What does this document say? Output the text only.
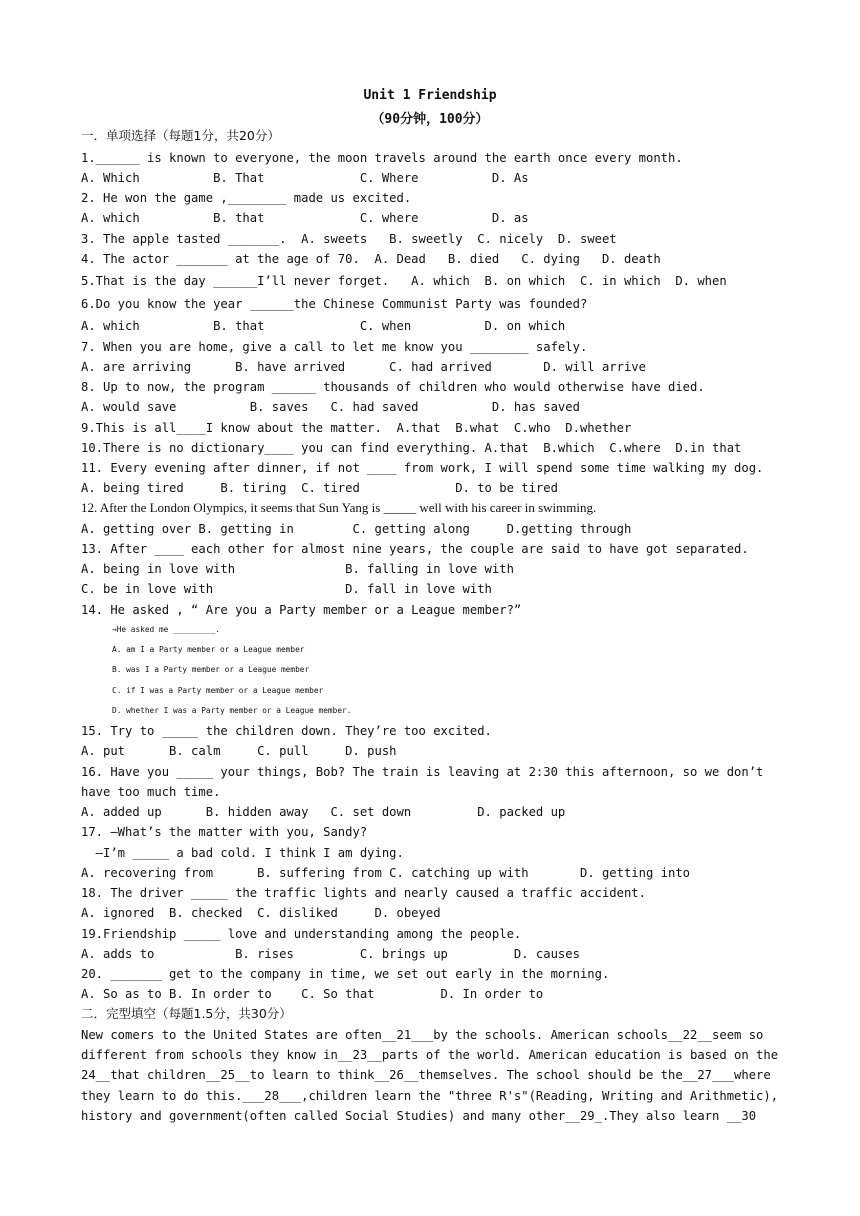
Unit 1 Friendship
（90分钟，100分）
一．单项选择（每题1分，共20分）
1.______ is known to everyone, the moon travels around the earth once every month.
A. Which          B. That             C. Where          D. As
2. He won the game ,________ made us excited.
A. which          B. that             C. where          D. as
3. The apple tasted _______.  A. sweets   B. sweetly  C. nicely  D. sweet
4. The actor _______ at the age of 70.  A. Dead   B. died   C. dying   D. death
5.That is the day ______I’ll never forget.   A. which  B. on which  C. in which  D. when
6.Do you know the year ______the Chinese Communist Party was founded?
A. which          B. that             C. when          D. on which
7. When you are home, give a call to let me know you ________ safely.
A. are arriving      B. have arrived      C. had arrived       D. will arrive
8. Up to now, the program ______ thousands of children who would otherwise have died.
A. would save          B. saves   C. had saved          D. has saved
9.This is all____I know about the matter.  A.that  B.what  C.who  D.whether
10.There is no dictionary____ you can find everything. A.that  B.which  C.where  D.in that
11. Every evening after dinner, if not ____ from work, I will spend some time walking my dog.
A. being tired     B. tiring  C. tired             D. to be tired
12. After the London Olympics, it seems that Sun Yang is _____ well with his career in swimming.
A. getting over B. getting in        C. getting along     D.getting through
13. After ____ each other for almost nine years, the couple are said to have got separated.
A. being in love with               B. falling in love with
C. be in love with                  D. fall in love with
14. He asked , “ Are you a Party member or a League member?”
→He asked me _________.
A. am I a Party member or a League member
B. was I a Party member or a League member
C. if I was a Party member or a League member
D. whether I was a Party member or a League member.
15. Try to _____ the children down. They’re too excited.
A. put      B. calm     C. pull     D. push
16. Have you _____ your things, Bob? The train is leaving at 2:30 this afternoon, so we don’t
have too much time.
A. added up      B. hidden away   C. set down         D. packed up
17. —What’s the matter with you, Sandy?
—I’m _____ a bad cold. I think I am dying.
A. recovering from      B. suffering from C. catching up with       D. getting into
18. The driver _____ the traffic lights and nearly caused a traffic accident.
A. ignored  B. checked  C. disliked     D. obeyed
19.Friendship _____ love and understanding among the people.
A. adds to           B. rises         C. brings up         D. causes
20. _______ get to the company in time, we set out early in the morning.
A. So as to B. In order to    C. So that         D. In order to
二．完型填空（每题1.5分，共30分）
New comers to the United States are often__21___by the schools. American schools__22__seem so
different from schools they know in__23__parts of the world. American education is based on the
24__that children__25__to learn to think__26__themselves. The school should be the__27___where
they learn to do this.___28___,children learn the "three R's"(Reading, Writing and Arithmetic),
history and government(often called Social Studies) and many other__29_.They also learn __30
